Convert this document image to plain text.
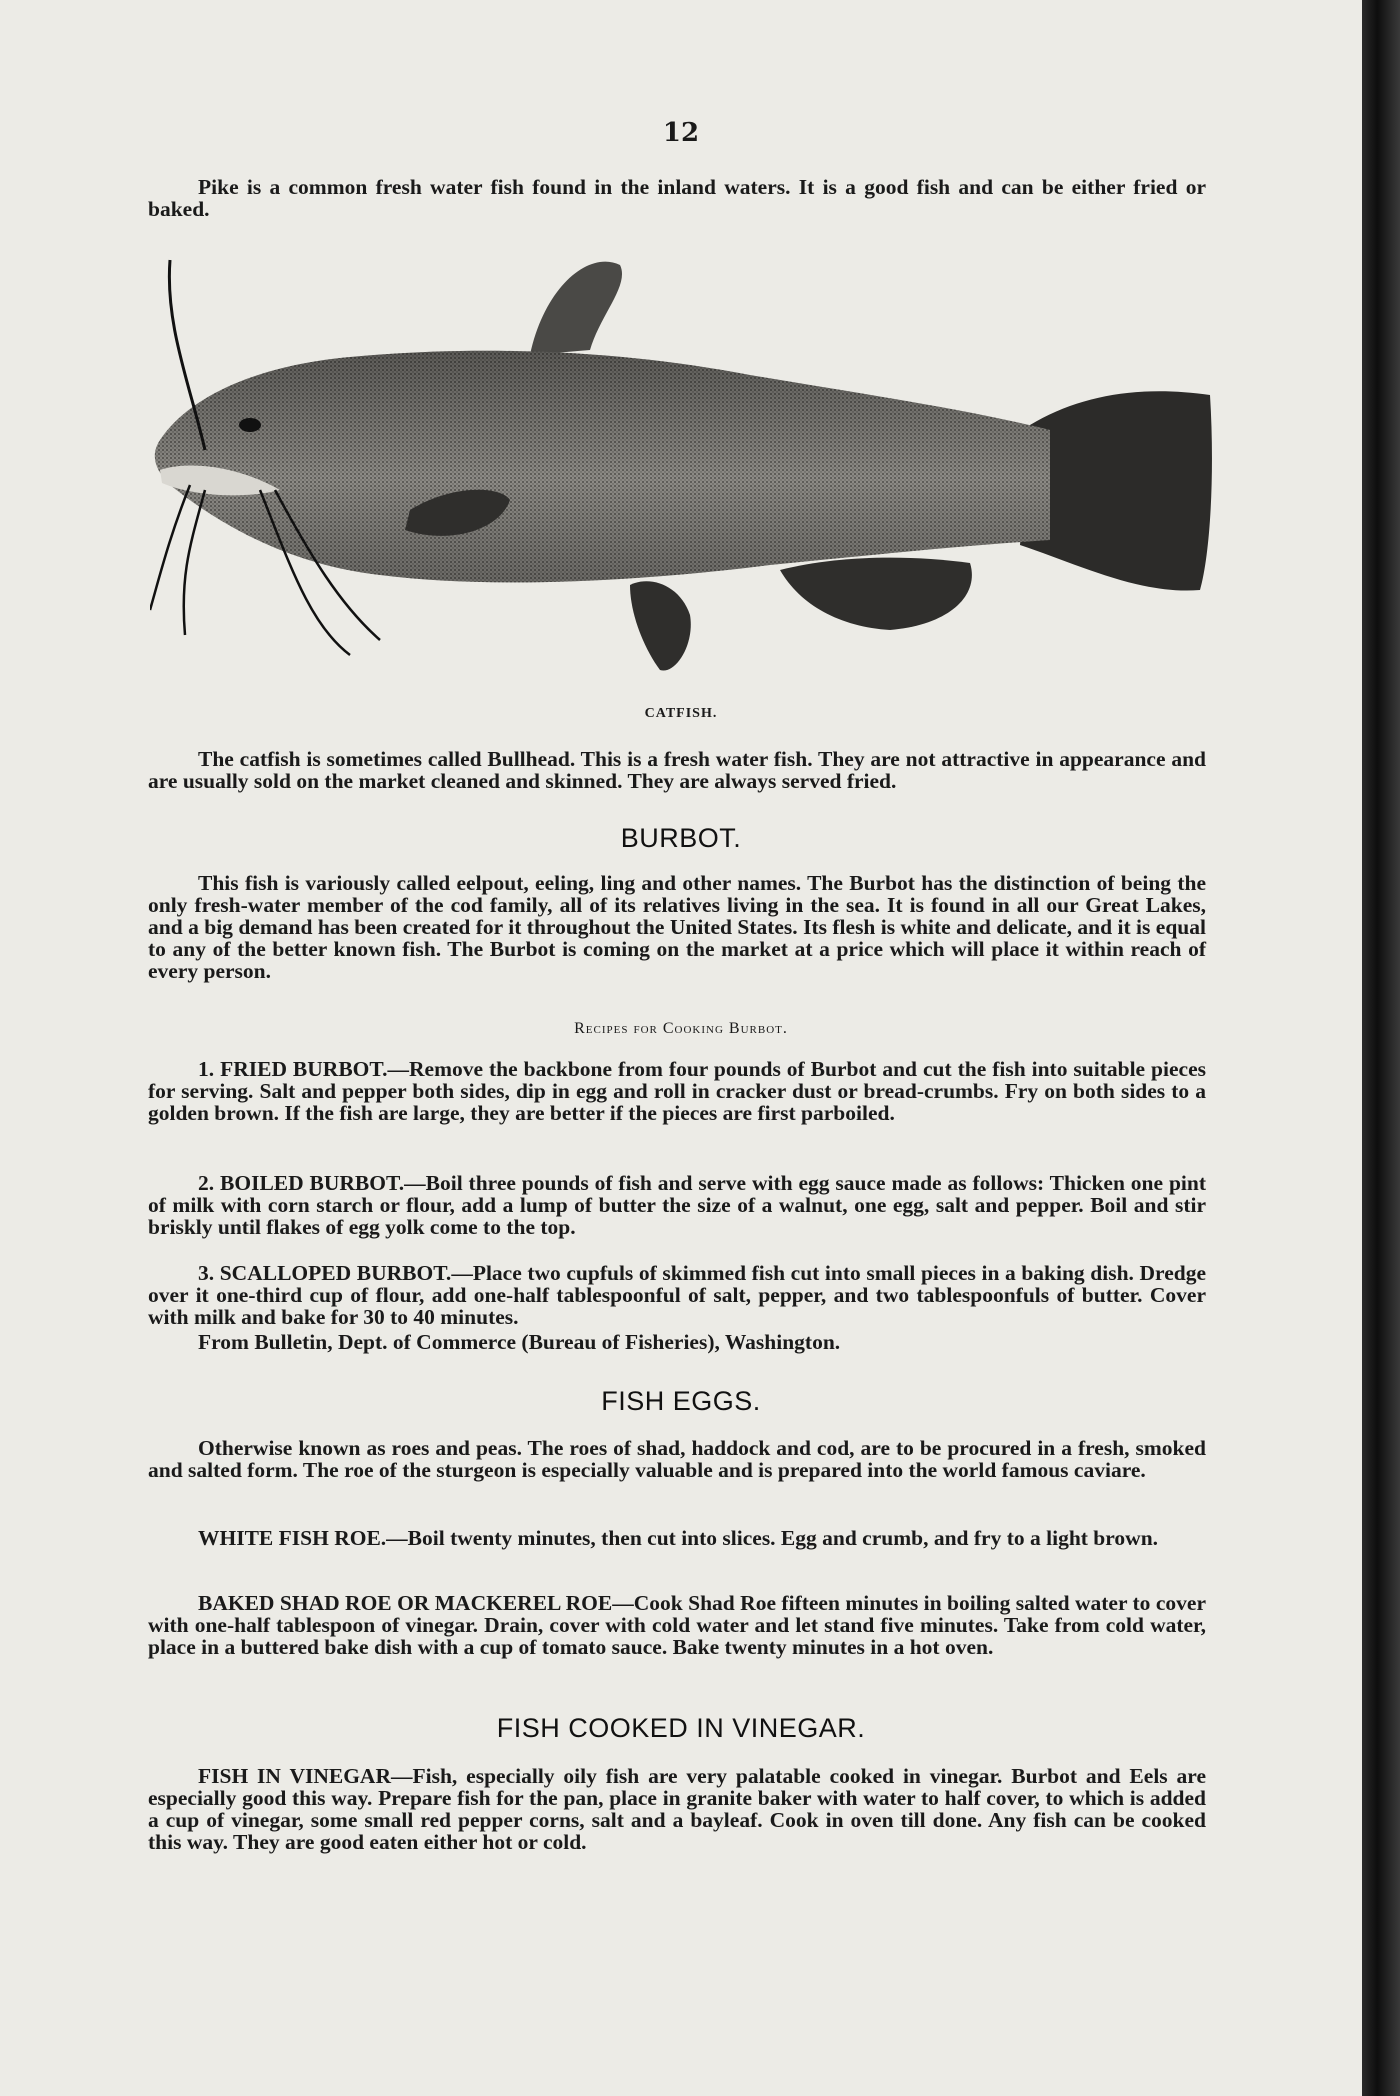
12

Pike is a common fresh water fish found in the inland waters. It is a good fish and can be either fried or baked.

CATFISH.

The catfish is sometimes called Bullhead. This is a fresh water fish. They are not attractive in appearance and are usually sold on the market cleaned and skinned. They are always served fried.

BURBOT.

This fish is variously called eelpout, eeling, ling and other names. The Burbot has the distinction of being the only fresh-water member of the cod family, all of its relatives living in the sea. It is found in all our Great Lakes, and a big demand has been created for it throughout the United States. Its flesh is white and delicate, and it is equal to any of the better known fish. The Burbot is coming on the market at a price which will place it within reach of every person.

Recipes for Cooking Burbot.

1. FRIED BURBOT.—Remove the backbone from four pounds of Burbot and cut the fish into suitable pieces for serving. Salt and pepper both sides, dip in egg and roll in cracker dust or bread-crumbs. Fry on both sides to a golden brown. If the fish are large, they are better if the pieces are first parboiled.

2. BOILED BURBOT.—Boil three pounds of fish and serve with egg sauce made as follows: Thicken one pint of milk with corn starch or flour, add a lump of butter the size of a walnut, one egg, salt and pepper. Boil and stir briskly until flakes of egg yolk come to the top.

3. SCALLOPED BURBOT.—Place two cupfuls of skimmed fish cut into small pieces in a baking dish. Dredge over it one-third cup of flour, add one-half tablespoonful of salt, pepper, and two tablespoonfuls of butter. Cover with milk and bake for 30 to 40 minutes.

From Bulletin, Dept. of Commerce (Bureau of Fisheries), Washington.

FISH EGGS.

Otherwise known as roes and peas. The roes of shad, haddock and cod, are to be procured in a fresh, smoked and salted form. The roe of the sturgeon is especially valuable and is prepared into the world famous caviare.

WHITE FISH ROE.—Boil twenty minutes, then cut into slices. Egg and crumb, and fry to a light brown.

BAKED SHAD ROE OR MACKEREL ROE—Cook Shad Roe fifteen minutes in boiling salted water to cover with one-half tablespoon of vinegar. Drain, cover with cold water and let stand five minutes. Take from cold water, place in a buttered bake dish with a cup of tomato sauce. Bake twenty minutes in a hot oven.

FISH COOKED IN VINEGAR.

FISH IN VINEGAR—Fish, especially oily fish are very palatable cooked in vinegar. Burbot and Eels are especially good this way. Prepare fish for the pan, place in granite baker with water to half cover, to which is added a cup of vinegar, some small red pepper corns, salt and a bayleaf. Cook in oven till done. Any fish can be cooked this way. They are good eaten either hot or cold.
